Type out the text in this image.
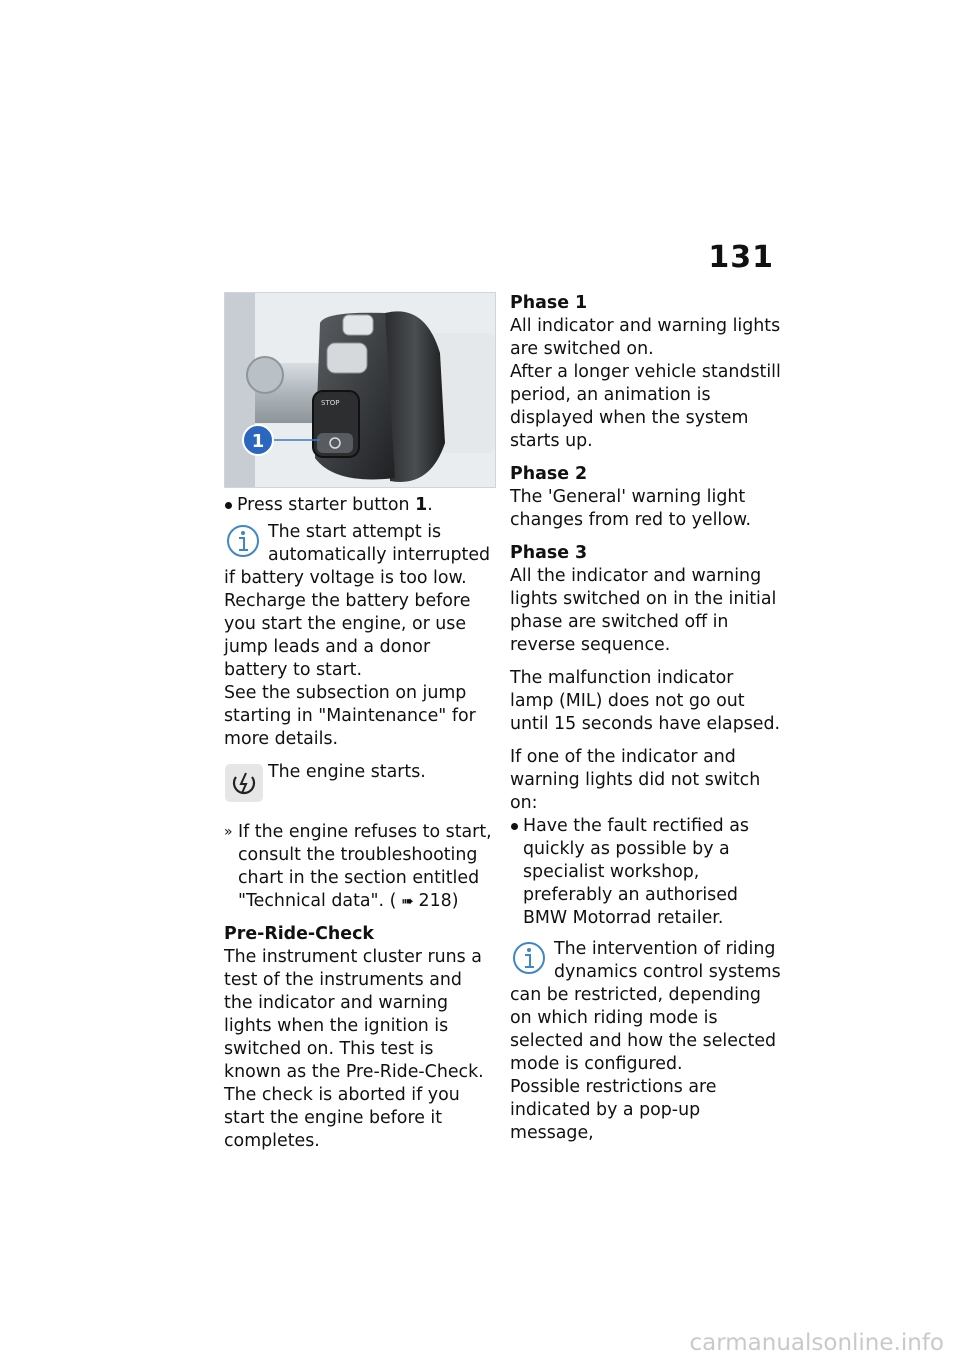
131
STOP
1
Press starter button 1.
The start attempt is automatically interrupted if battery voltage is too low. Recharge the battery before you start the engine, or use jump leads and a donor battery to start.
See the subsection on jump starting in "Maintenance" for more details.
The engine starts.
» If the engine refuses to start, consult the troubleshooting chart in the section entitled "Technical data". ( ➠ 218)

Pre-Ride-Check

The instrument cluster runs a test of the instruments and the indicator and warning lights when the ignition is switched on. This test is known as the Pre-Ride-Check. The check is aborted if you start the engine before it completes.

Phase 1

All indicator and warning lights are switched on.

After a longer vehicle standstill period, an animation is displayed when the system starts up.

Phase 2

The 'General' warning light changes from red to yellow.

Phase 3

All the indicator and warning lights switched on in the initial phase are switched off in reverse sequence.

The malfunction indicator lamp (MIL) does not go out until 15 seconds have elapsed.

If one of the indicator and warning lights did not switch on:

Have the fault rectified as quickly as possible by a specialist workshop, preferably an authorised BMW Motorrad retailer.
The intervention of riding dynamics control systems can be restricted, depending on which riding mode is selected and how the selected mode is configured.
Possible restrictions are indicated by a pop-up message,
carmanualsonline.info
